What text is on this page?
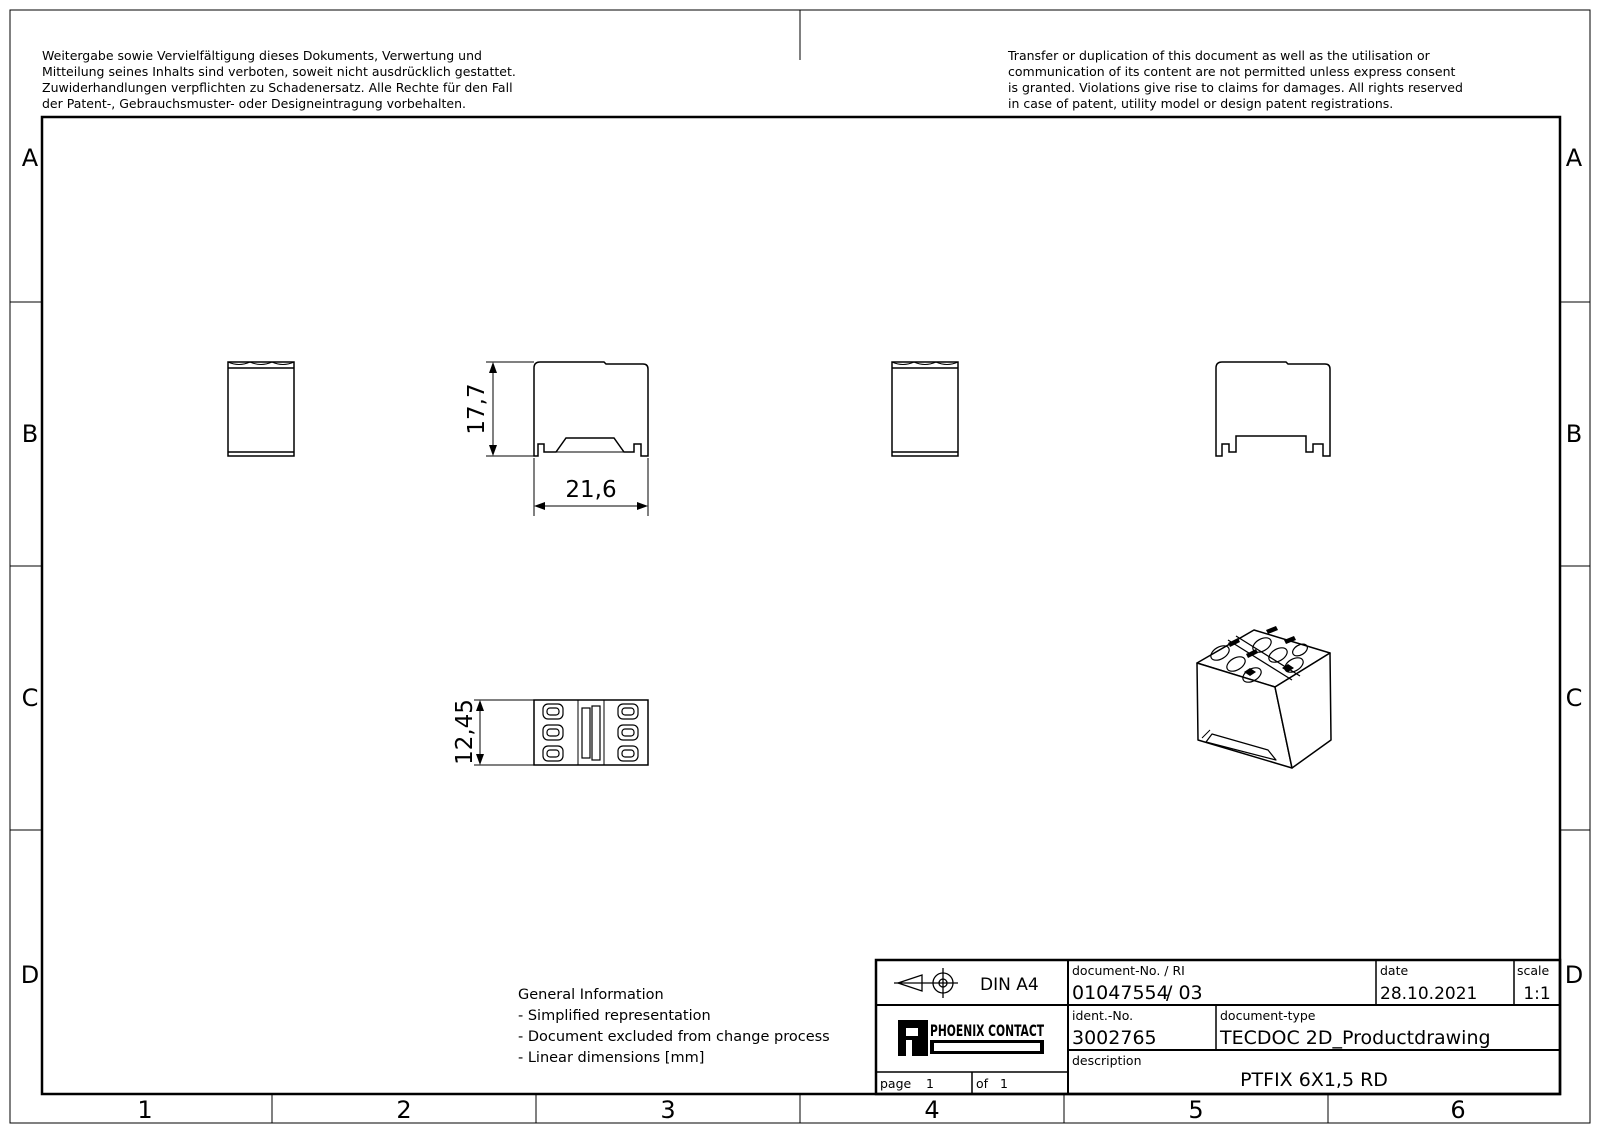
A
B
C
D
A
B
C
D
1	2	3	4	5	6
Weitergabe sowie Vervielfältigung dieses Dokuments, Verwertung und
Mitteilung seines Inhalts sind verboten, soweit nicht ausdrücklich gestattet.
Zuwiderhandlungen verpflichten zu Schadenersatz. Alle Rechte für den Fall
der Patent-, Gebrauchsmuster- oder Designeintragung vorbehalten.
Transfer or duplication of this document as well as the utilisation or
communication of its content are not permitted unless express consent
is granted. Violations give rise to claims for damages. All rights reserved
in case of patent, utility model or design patent registrations.
17,7
21,6
12,45
General Information
- Simplified representation
- Document excluded from change process
- Linear dimensions [mm]
DIN A4
PHOENIX CONTACT
page 1	of 1
document-No. / RI
01047554
/ 03
date
28.10.2021
scale
1:1
ident.-No.
3002765
document-type
TECDOC 2D_Productdrawing
description
PTFIX 6X1,5 RD
